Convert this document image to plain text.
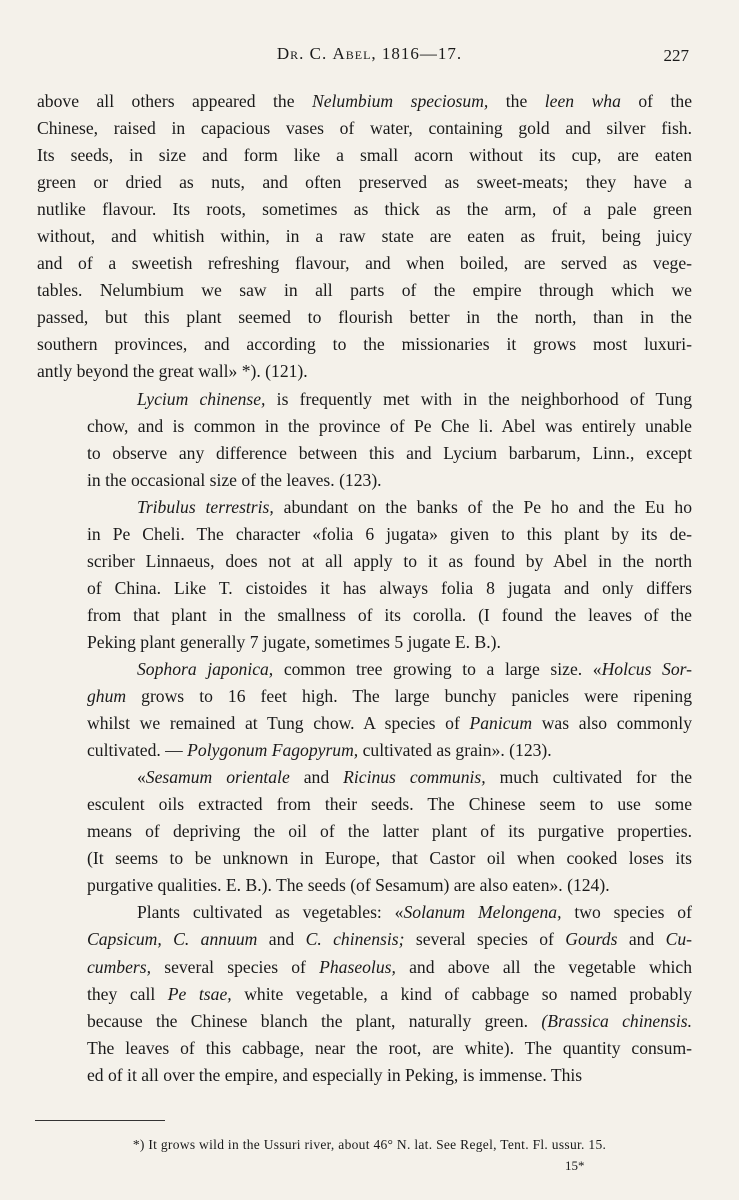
Dr. C. Abel, 1816—17.	227
above all others appeared the Nelumbium speciosum, the leen wha of the
Chinese, raised in capacious vases of water, containing gold and silver fish.
Its seeds, in size and form like a small acorn without its cup, are eaten
green or dried as nuts, and often preserved as sweet-meats; they have a
nutlike flavour. Its roots, sometimes as thick as the arm, of a pale green
without, and whitish within, in a raw state are eaten as fruit, being juicy
and of a sweetish refreshing flavour, and when boiled, are served as vege-
tables. Nelumbium we saw in all parts of the empire through which we
passed, but this plant seemed to flourish better in the north, than in the
southern provinces, and according to the missionaries it grows most luxuri-
antly beyond the great wall» *). (121).
Lycium chinense, is frequently met with in the neighborhood of Tung
chow, and is common in the province of Pe Che li. Abel was entirely unable
to observe any difference between this and Lycium barbarum, Linn., except
in the occasional size of the leaves. (123).
Tribulus terrestris, abundant on the banks of the Pe ho and the Eu ho
in Pe Cheli. The character «folia 6 jugata» given to this plant by its de-
scriber Linnaeus, does not at all apply to it as found by Abel in the north
of China. Like T. cistoides it has always folia 8 jugata and only differs
from that plant in the smallness of its corolla. (I found the leaves of the
Peking plant generally 7 jugate, sometimes 5 jugate E. B.).
Sophora japonica, common tree growing to a large size. «Holcus Sor-
ghum grows to 16 feet high. The large bunchy panicles were ripening
whilst we remained at Tung chow. A species of Panicum was also commonly
cultivated. — Polygonum Fagopyrum, cultivated as grain». (123).
«Sesamum orientale and Ricinus communis, much cultivated for the
esculent oils extracted from their seeds. The Chinese seem to use some
means of depriving the oil of the latter plant of its purgative properties.
(It seems to be unknown in Europe, that Castor oil when cooked loses its
purgative qualities. E. B.). The seeds (of Sesamum) are also eaten». (124).
Plants cultivated as vegetables: «Solanum Melongena, two species of
Capsicum, C. annuum and C. chinensis; several species of Gourds and Cu-
cumbers, several species of Phaseolus, and above all the vegetable which
they call Pe tsae, white vegetable, a kind of cabbage so named probably
because the Chinese blanch the plant, naturally green. (Brassica chinensis.
The leaves of this cabbage, near the root, are white). The quantity consum-
ed of it all over the empire, and especially in Peking, is immense. This
*) It grows wild in the Ussuri river, about 46° N. lat. See Regel, Tent. Fl. ussur. 15.
15*
